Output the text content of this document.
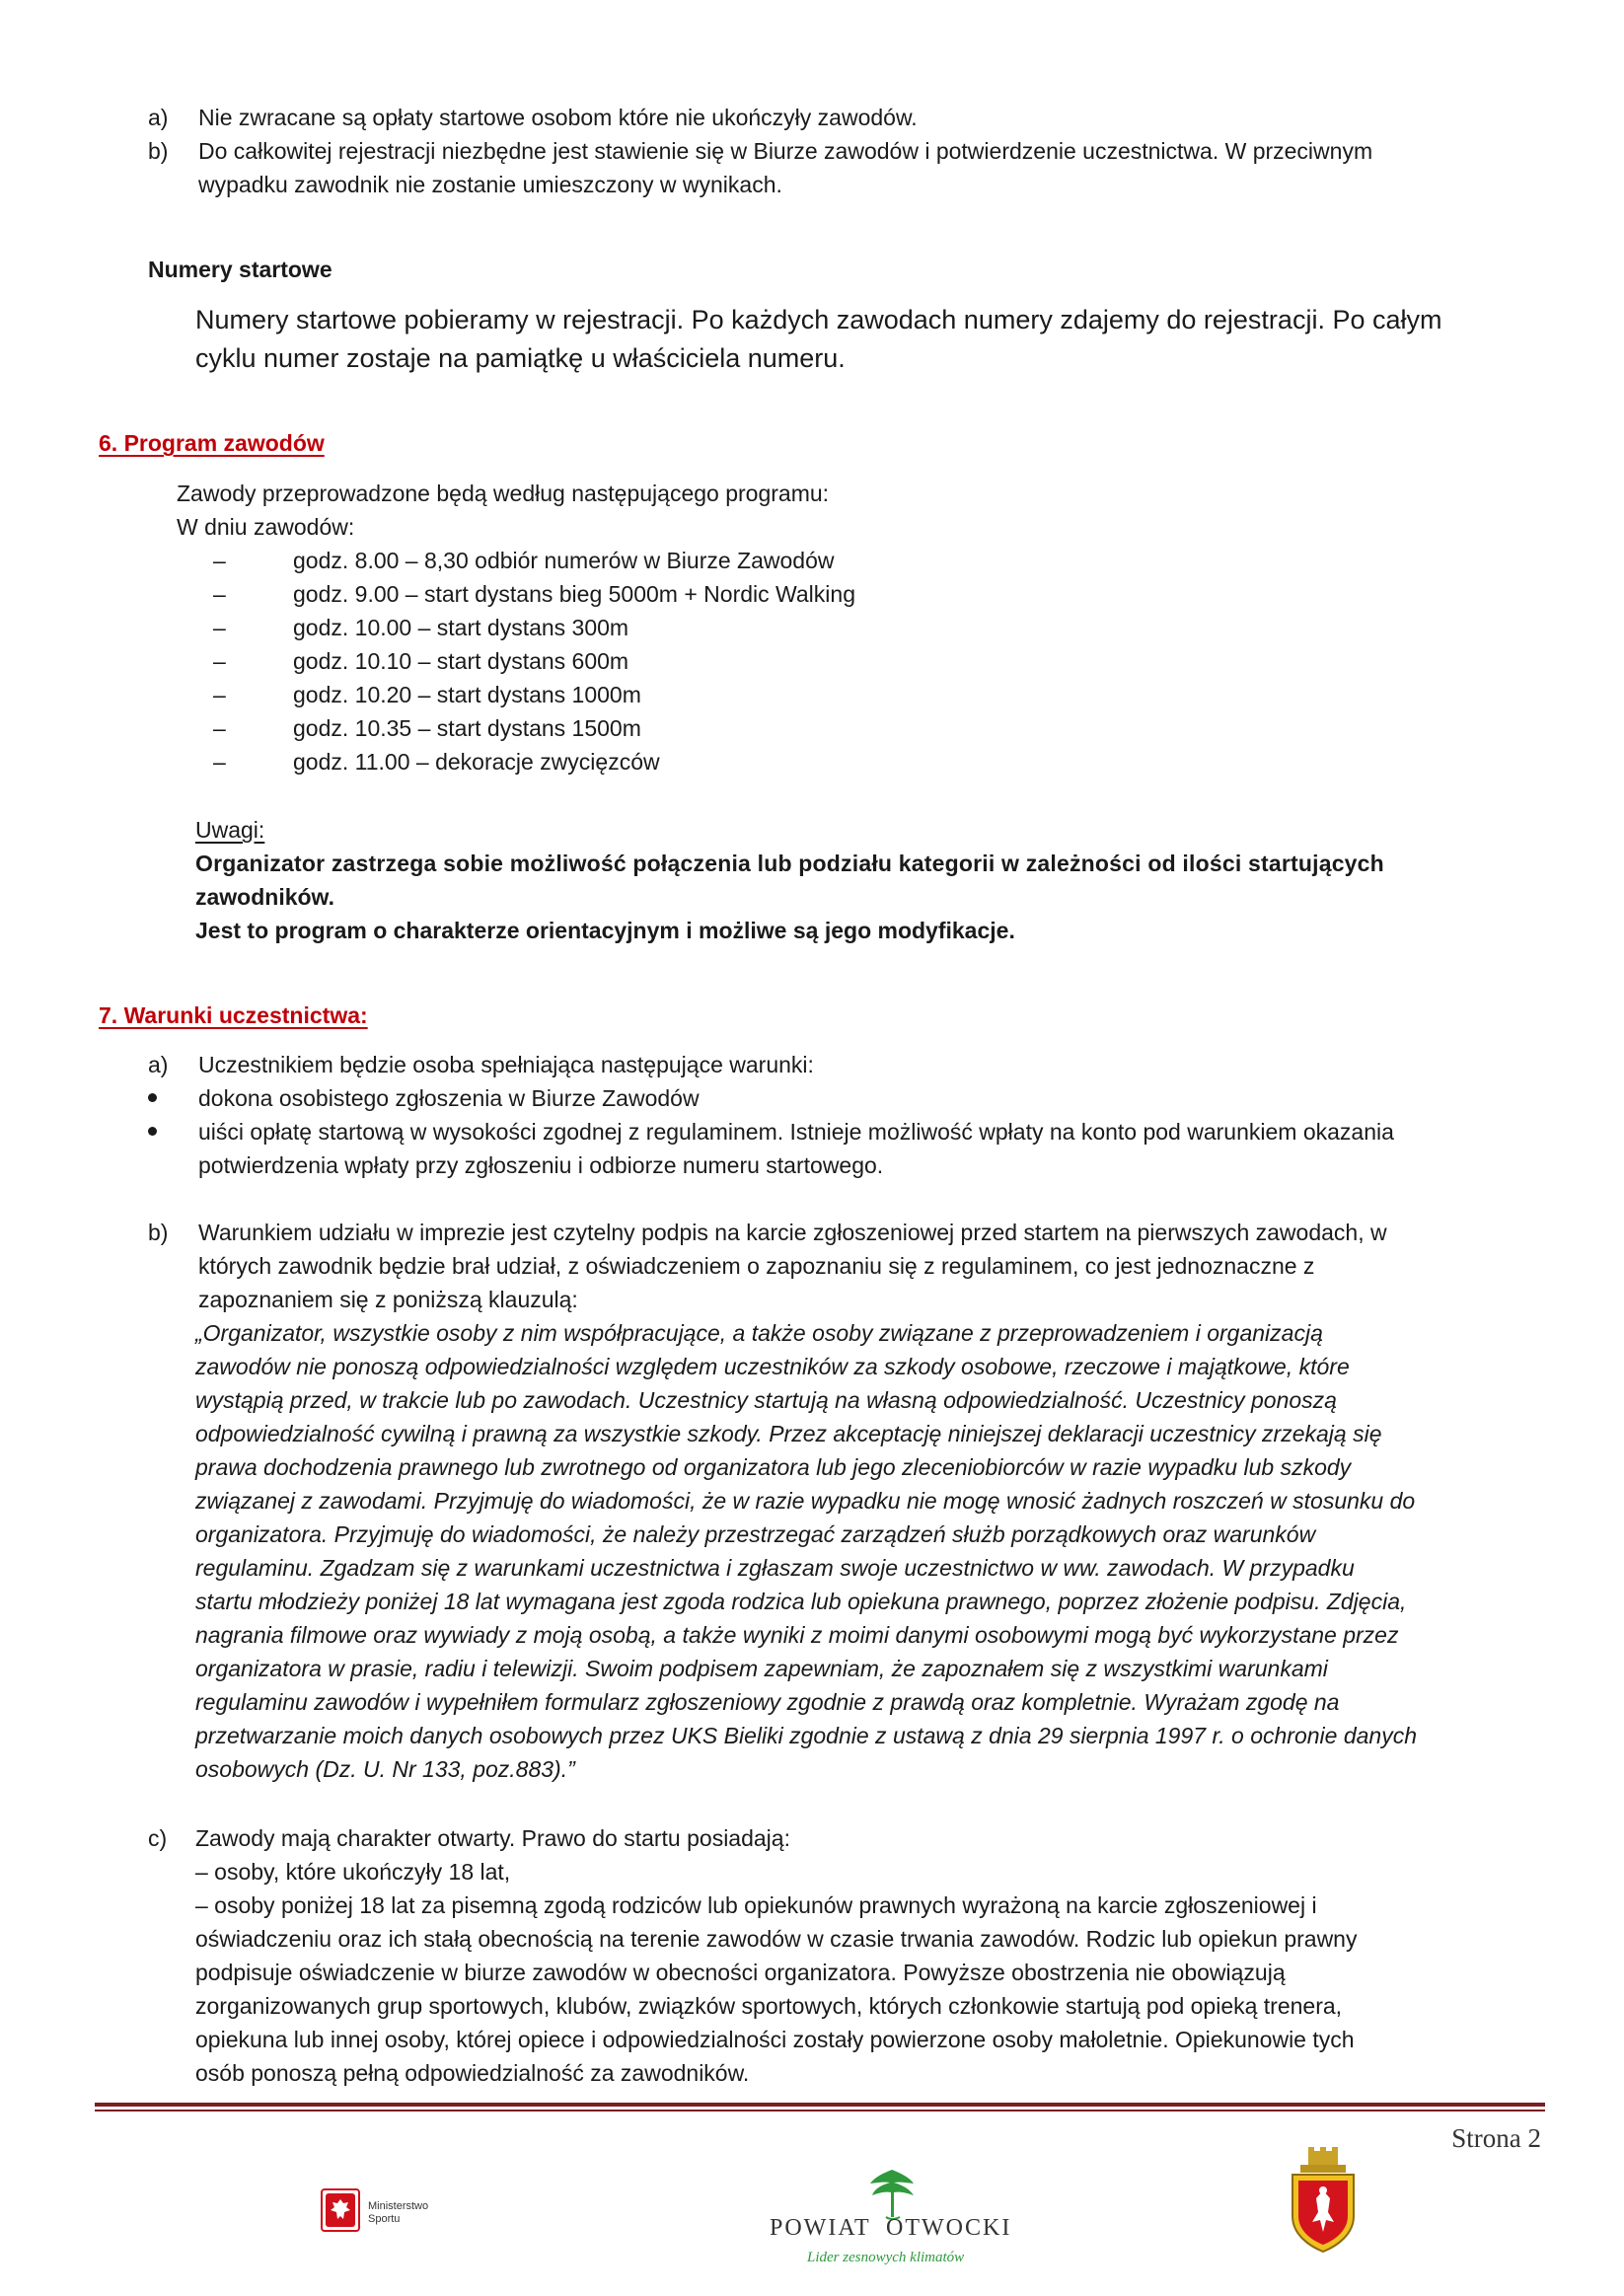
a) Nie zwracane są opłaty startowe osobom które nie ukończyły zawodów.
b) Do całkowitej rejestracji niezbędne jest stawienie się w Biurze zawodów i potwierdzenie uczestnictwa. W przeciwnym
wypadku zawodnik nie zostanie umieszczony w wynikach.
Numery startowe
Numery startowe pobieramy w rejestracji. Po każdych zawodach numery zdajemy do rejestracji. Po całym
cyklu numer zostaje na pamiątkę u właściciela numeru.
6. Program zawodów
Zawody przeprowadzone będą według następującego programu:
W dniu zawodów:
–	godz. 8.00 – 8,30 odbiór numerów w Biurze Zawodów
–	godz. 9.00 – start dystans bieg 5000m + Nordic Walking
–	godz. 10.00 – start dystans 300m
–	godz. 10.10 – start dystans 600m
–	godz. 10.20 – start dystans 1000m
–	godz. 10.35 – start dystans 1500m
–	godz. 11.00 – dekoracje zwycięzców
Uwagi:
Organizator zastrzega sobie możliwość połączenia lub podziału kategorii w zależności od ilości startujących
zawodników.
Jest to program o charakterze orientacyjnym i możliwe są jego modyfikacje.
7. Warunki uczestnictwa:
a) Uczestnikiem będzie osoba spełniająca następujące warunki:
dokona osobistego zgłoszenia w Biurze Zawodów
uiści opłatę startową w wysokości zgodnej z regulaminem. Istnieje możliwość wpłaty na konto pod warunkiem okazania
potwierdzenia wpłaty przy zgłoszeniu i odbiorze numeru startowego.
b) Warunkiem udziału w imprezie jest czytelny podpis na karcie zgłoszeniowej przed startem na pierwszych zawodach, w
których zawodnik będzie brał udział, z oświadczeniem o zapoznaniu się z regulaminem, co jest jednoznaczne z
zapoznaniem się z poniższą klauzulą:
„Organizator, wszystkie osoby z nim współpracujące, a także osoby związane z przeprowadzeniem i organizacją
zawodów nie ponoszą odpowiedzialności względem uczestników za szkody osobowe, rzeczowe i majątkowe, które
wystąpią przed, w trakcie lub po zawodach. Uczestnicy startują na własną odpowiedzialność. Uczestnicy ponoszą
odpowiedzialność cywilną i prawną za wszystkie szkody. Przez akceptację niniejszej deklaracji uczestnicy zrzekają się
prawa dochodzenia prawnego lub zwrotnego od organizatora lub jego zleceniobiorców w razie wypadku lub szkody
związanej z zawodami. Przyjmuję do wiadomości, że w razie wypadku nie mogę wnosić żadnych roszczeń w stosunku do
organizatora. Przyjmuję do wiadomości, że należy przestrzegać zarządzeń służb porządkowych oraz warunków
regulaminu. Zgadzam się z warunkami uczestnictwa i zgłaszam swoje uczestnictwo w ww. zawodach. W przypadku
startu młodzieży poniżej 18 lat wymagana jest zgoda rodzica lub opiekuna prawnego, poprzez złożenie podpisu. Zdjęcia,
nagrania filmowe oraz wywiady z moją osobą, a także wyniki z moimi danymi osobowymi mogą być wykorzystane przez
organizatora w prasie, radiu i telewizji. Swoim podpisem zapewniam, że zapoznałem się z wszystkimi warunkami
regulaminu zawodów i wypełniłem formularz zgłoszeniowy zgodnie z prawdą oraz kompletnie. Wyrażam zgodę na
przetwarzanie moich danych osobowych przez UKS Bieliki zgodnie z ustawą z dnia 29 sierpnia 1997 r. o ochronie danych
osobowych (Dz. U. Nr 133, poz.883).”
c) Zawody mają charakter otwarty. Prawo do startu posiadają:
– osoby, które ukończyły 18 lat,
– osoby poniżej 18 lat za pisemną zgodą rodziców lub opiekunów prawnych wyrażoną na karcie zgłoszeniowej i
oświadczeniu oraz ich stałą obecnością na terenie zawodów w czasie trwania zawodów. Rodzic lub opiekun prawny
podpisuje oświadczenie w biurze zawodów w obecności organizatora. Powyższe obostrzenia nie obowiązują
zorganizowanych grup sportowych, klubów, związków sportowych, których członkowie startują pod opieką trenera,
opiekuna lub innej osoby, której opiece i odpowiedzialności zostały powierzone osoby małoletnie. Opiekunowie tych
osób ponoszą pełną odpowiedzialność za zawodników.
Strona 2
Ministerstwo
Sportu	POWIAT OTWOCKI
Lider zesnowych klimatów
